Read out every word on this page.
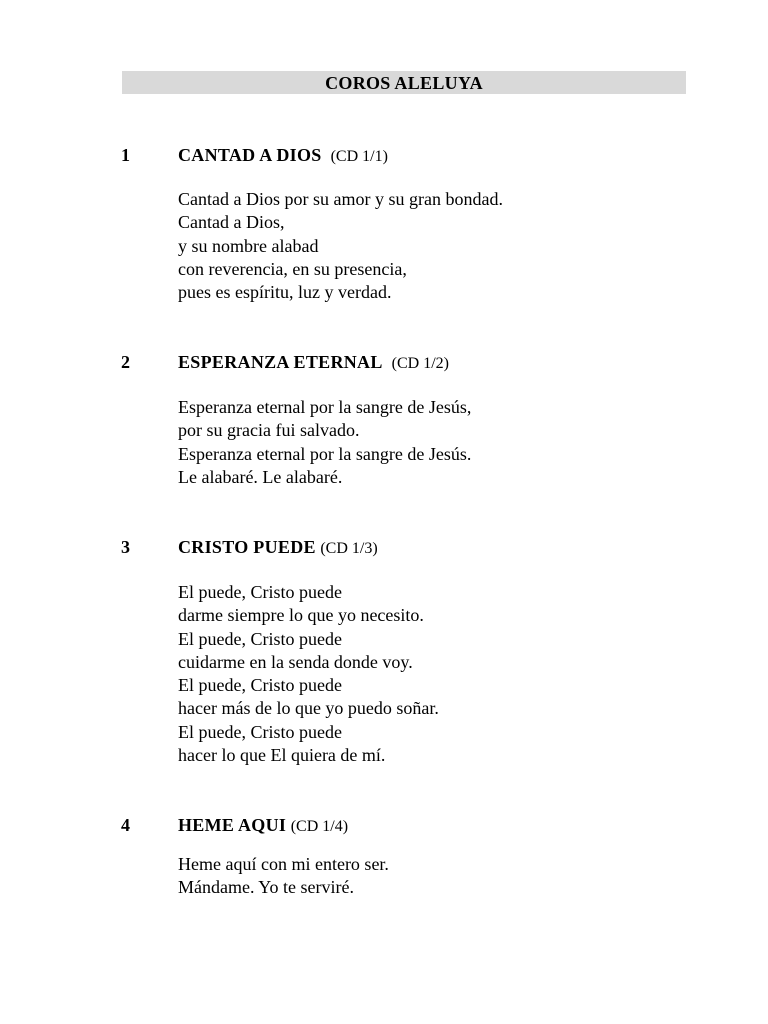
COROS ALELUYA
1	CANTAD A DIOS (CD 1/1)
Cantad a Dios por su amor y su gran bondad.
Cantad a Dios,
y su nombre alabad
con reverencia, en su presencia,
pues es espíritu, luz y verdad.
2	ESPERANZA ETERNAL (CD 1/2)
Esperanza eternal por la sangre de Jesús,
por su gracia fui salvado.
Esperanza eternal por la sangre de Jesús.
Le alabaré. Le alabaré.
3	CRISTO PUEDE (CD 1/3)
El puede, Cristo puede
darme siempre lo que yo necesito.
El puede, Cristo puede
cuidarme en la senda donde voy.
El puede, Cristo puede
hacer más de lo que yo puedo soñar.
El puede, Cristo puede
hacer lo que El quiera de mí.
4	HEME AQUI (CD 1/4)
Heme aquí con mi entero ser.
Mándame. Yo te serviré.
